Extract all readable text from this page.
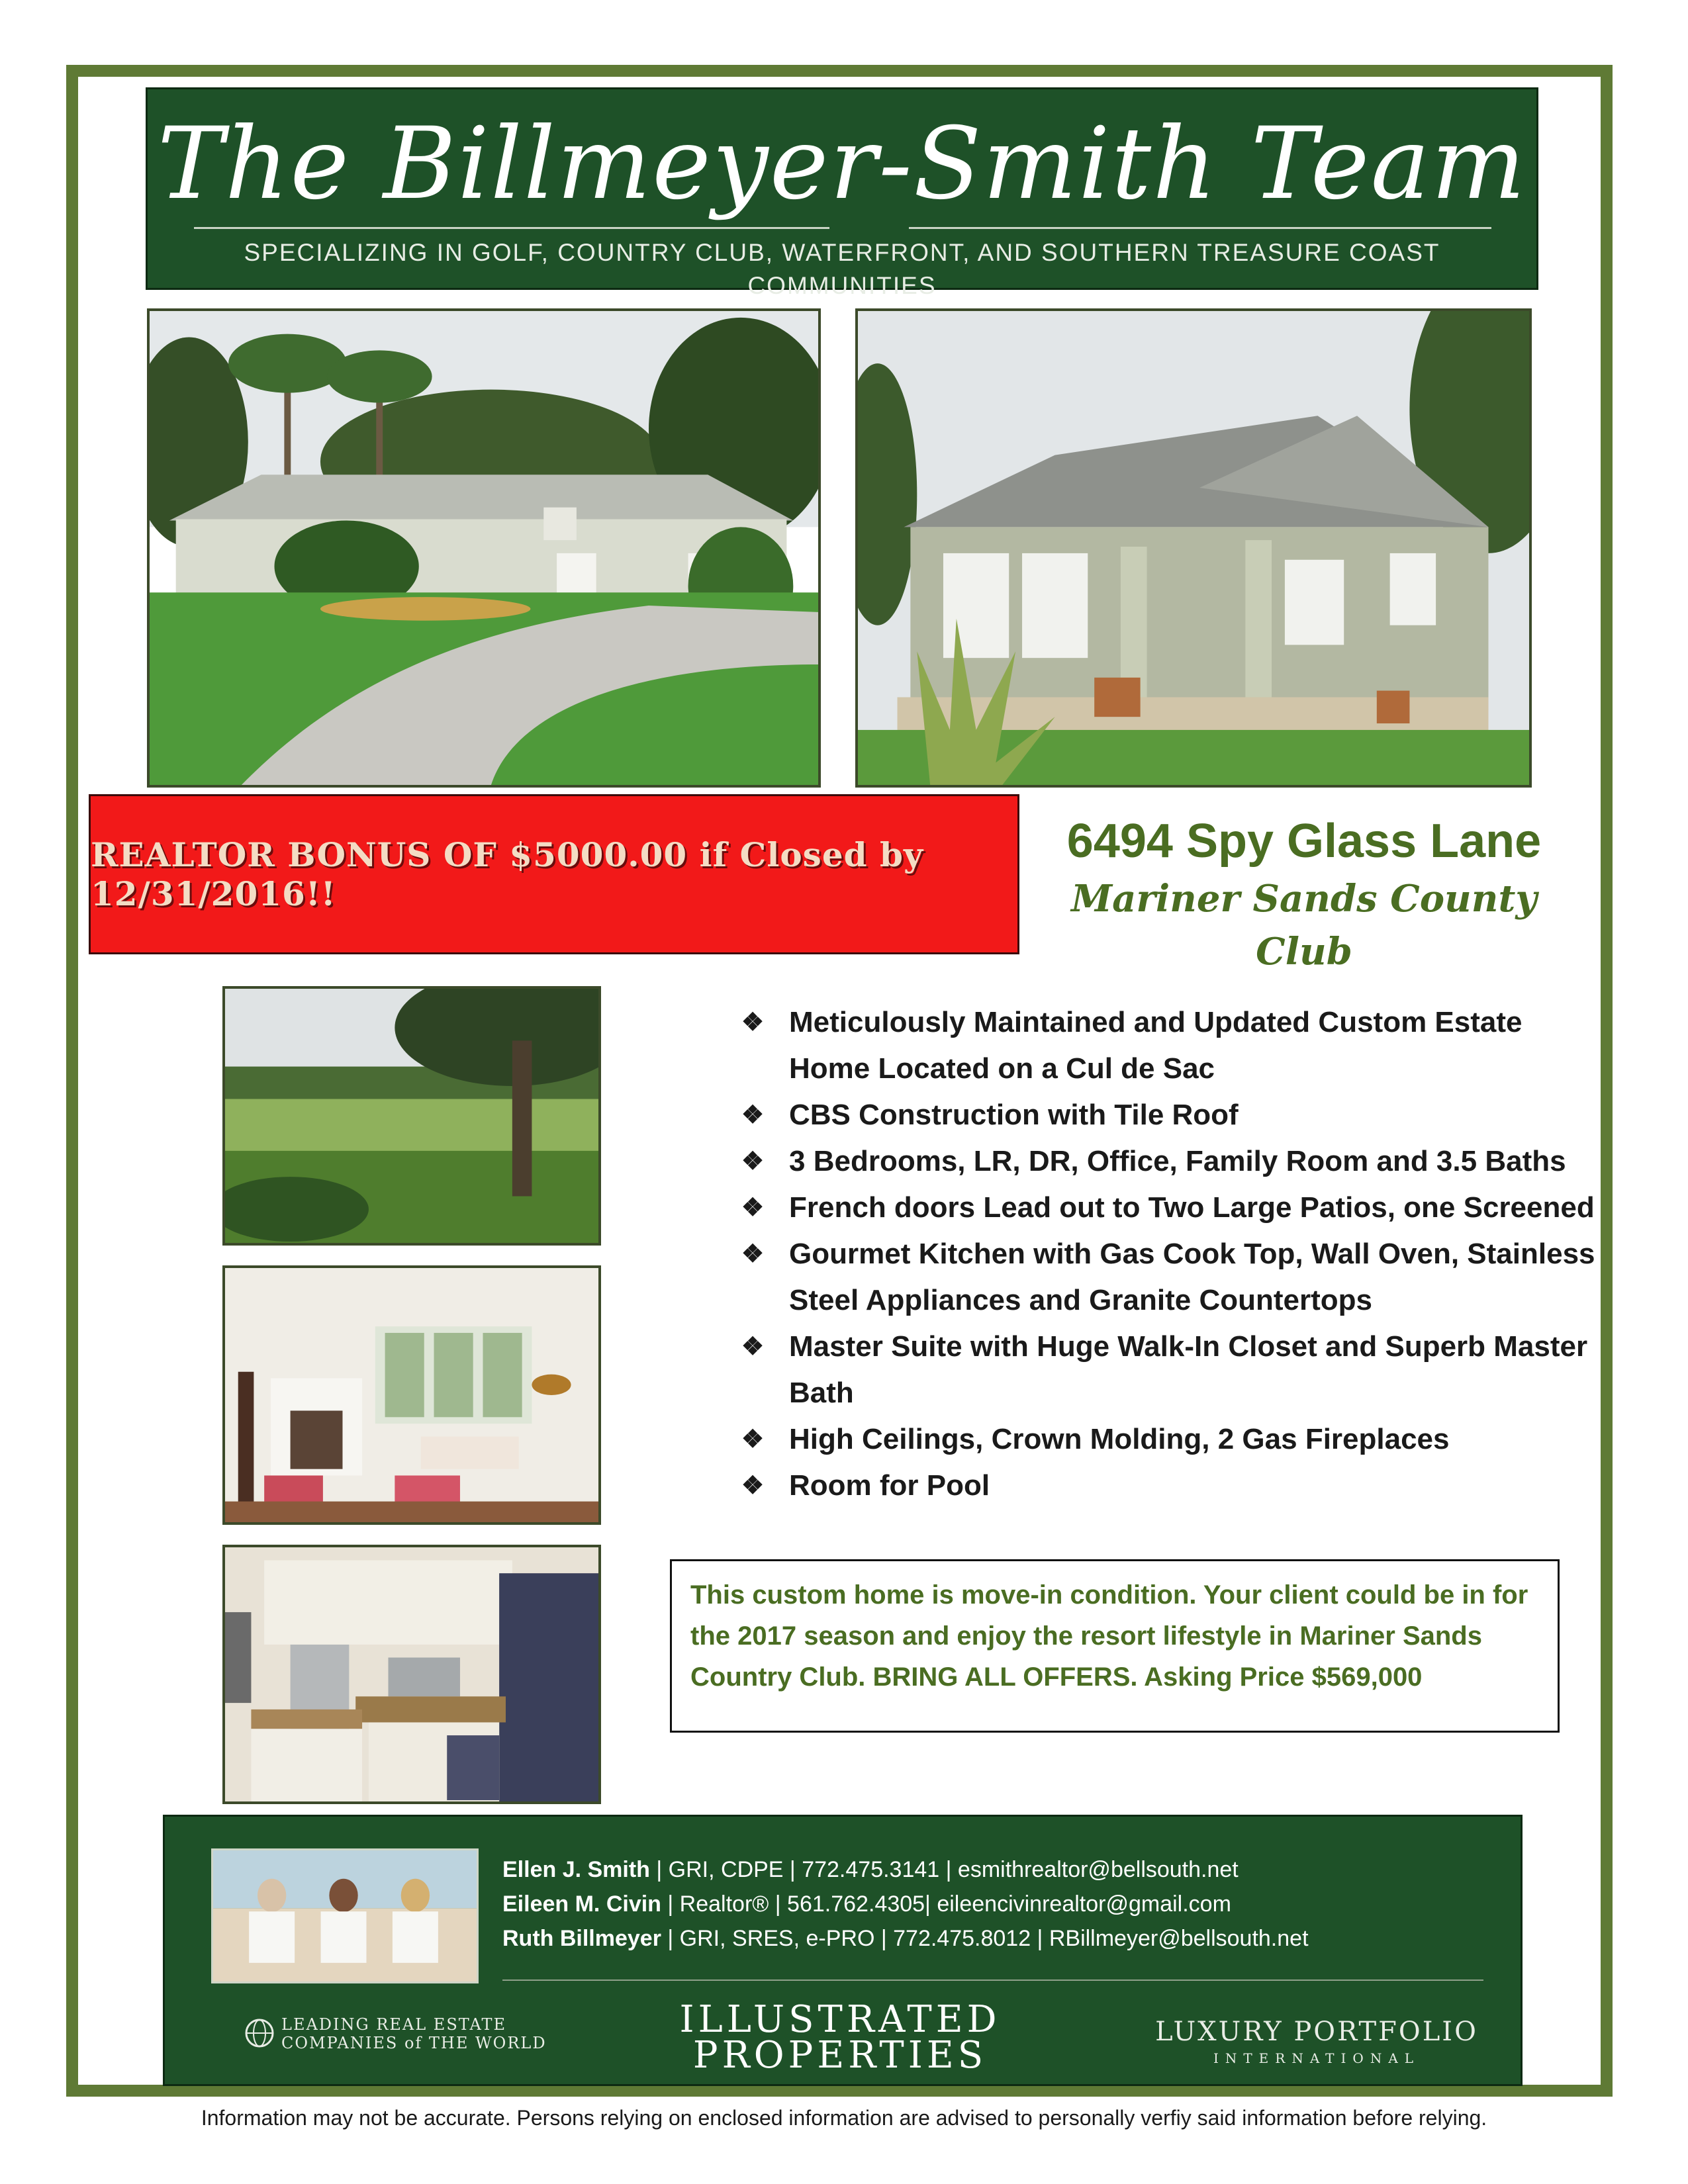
The Billmeyer-Smith Team
SPECIALIZING IN GOLF, COUNTRY CLUB, WATERFRONT, AND SOUTHERN TREASURE COAST COMMUNITIES
REALTOR BONUS OF $5000.00 if Closed by 12/31/2016!!
6494 Spy Glass Lane
Mariner Sands County Club
❖ Meticulously Maintained and Updated Custom Estate Home Located on a Cul de Sac
❖ CBS Construction with Tile Roof
❖ 3 Bedrooms, LR, DR, Office, Family Room and 3.5 Baths
❖ French doors Lead out to Two Large Patios, one Screened
❖ Gourmet Kitchen with Gas Cook Top, Wall Oven, Stainless Steel Appliances and Granite Countertops
❖ Master Suite with Huge Walk-In Closet and Superb Master Bath
❖ High Ceilings, Crown Molding, 2 Gas Fireplaces
❖ Room for Pool
This custom home is move-in condition. Your client could be in for the 2017 season and enjoy the resort lifestyle in Mariner Sands Country Club. BRING ALL OFFERS. Asking Price $569,000
Ellen J. Smith | GRI, CDPE | 772.475.3141 | esmithrealtor@bellsouth.net
Eileen M. Civin | Realtor® | 561.762.4305| eileencivinrealtor@gmail.com
Ruth Billmeyer | GRI, SRES, e-PRO | 772.475.8012 | RBillmeyer@bellsouth.net
LEADING REAL ESTATE
COMPANIES of THE WORLD
ILLUSTRATED
PROPERTIES
LUXURY PORTFOLIO
INTERNATIONAL
Information may not be accurate. Persons relying on enclosed information are advised to personally verfiy said information before relying.
